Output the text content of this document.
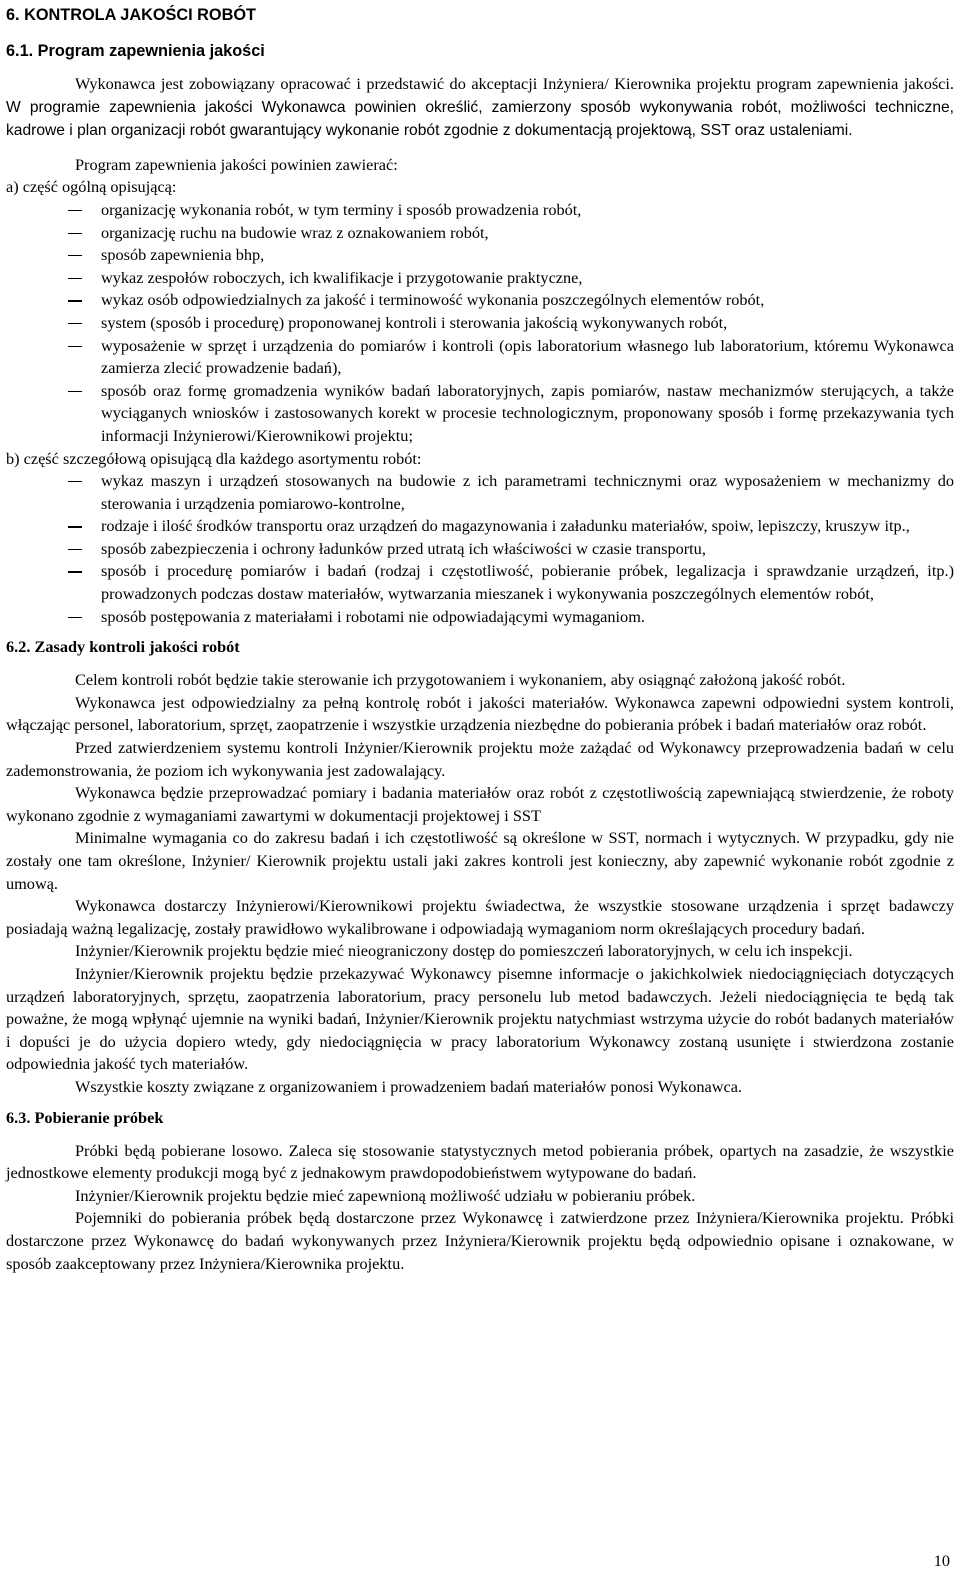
6. KONTROLA JAKOŚCI ROBÓT
6.1. Program zapewnienia jakości

Wykonawca jest zobowiązany opracować i przedstawić do akceptacji Inżyniera/ Kierownika projektu program zapewnienia jakości. W programie zapewnienia jakości Wykonawca powinien określić, zamierzony sposób wykonywania robót, możliwości techniczne, kadrowe i plan organizacji robót gwarantujący wykonanie robót zgodnie z dokumentacją projektową, SST oraz ustaleniami.

Program zapewnienia jakości powinien zawierać:

a) część ogólną opisującą:
organizację wykonania robót, w tym terminy i sposób prowadzenia robót,
organizację ruchu na budowie wraz z oznakowaniem robót,
sposób zapewnienia bhp,
wykaz zespołów roboczych, ich kwalifikacje i przygotowanie praktyczne,
wykaz osób odpowiedzialnych za jakość i terminowość wykonania poszczególnych elementów robót,
system (sposób i procedurę) proponowanej kontroli i sterowania jakością wykonywanych robót,
wyposażenie w sprzęt i urządzenia do pomiarów i kontroli (opis laboratorium własnego lub laboratorium, któremu Wykonawca zamierza zlecić prowadzenie badań),
sposób oraz formę gromadzenia wyników badań laboratoryjnych, zapis pomiarów, nastaw mechanizmów sterujących, a także wyciąganych wniosków i zastosowanych korekt w procesie technologicznym, proponowany sposób i formę przekazywania tych informacji Inżynierowi/Kierownikowi projektu;
b) część szczegółową opisującą dla każdego asortymentu robót:
wykaz maszyn i urządzeń stosowanych na budowie z ich parametrami technicznymi oraz wyposażeniem w mechanizmy do sterowania i urządzenia pomiarowo-kontrolne,
rodzaje i ilość środków transportu oraz urządzeń do magazynowania i załadunku materiałów, spoiw, lepiszczy, kruszyw itp.,
sposób zabezpieczenia i ochrony ładunków przed utratą ich właściwości w czasie transportu,
sposób i procedurę pomiarów i badań (rodzaj i częstotliwość, pobieranie próbek, legalizacja i sprawdzanie urządzeń, itp.) prowadzonych podczas dostaw materiałów, wytwarzania mieszanek i wykonywania poszczególnych elementów robót,
sposób postępowania z materiałami i robotami nie odpowiadającymi wymaganiom.
6.2. Zasady kontroli jakości robót

Celem kontroli robót będzie takie sterowanie ich przygotowaniem i wykonaniem, aby osiągnąć założoną jakość robót.

Wykonawca jest odpowiedzialny za pełną kontrolę robót i jakości materiałów. Wykonawca zapewni odpowiedni system kontroli, włączając personel, laboratorium, sprzęt, zaopatrzenie i wszystkie urządzenia niezbędne do pobierania próbek i badań materiałów oraz robót.

Przed zatwierdzeniem systemu kontroli Inżynier/Kierownik projektu może zażądać od Wykonawcy przeprowadzenia badań w celu zademonstrowania, że poziom ich wykonywania jest zadowalający.

Wykonawca będzie przeprowadzać pomiary i badania materiałów oraz robót z częstotliwością zapewniającą stwierdzenie, że roboty wykonano zgodnie z wymaganiami zawartymi w dokumentacji projektowej i SST

Minimalne wymagania co do zakresu badań i ich częstotliwość są określone w SST, normach i wytycznych. W przypadku, gdy nie zostały one tam określone, Inżynier/ Kierownik projektu ustali jaki zakres kontroli jest konieczny, aby zapewnić wykonanie robót zgodnie z umową.

Wykonawca dostarczy Inżynierowi/Kierownikowi projektu świadectwa, że wszystkie stosowane urządzenia i sprzęt badawczy posiadają ważną legalizację, zostały prawidłowo wykalibrowane i odpowiadają wymaganiom norm określających procedury badań.

Inżynier/Kierownik projektu będzie mieć nieograniczony dostęp do pomieszczeń laboratoryjnych, w celu ich inspekcji.

Inżynier/Kierownik projektu będzie przekazywać Wykonawcy pisemne informacje o jakichkolwiek niedociągnięciach dotyczących urządzeń laboratoryjnych, sprzętu, zaopatrzenia laboratorium, pracy personelu lub metod badawczych. Jeżeli niedociągnięcia te będą tak poważne, że mogą wpłynąć ujemnie na wyniki badań, Inżynier/Kierownik projektu natychmiast wstrzyma użycie do robót badanych materiałów i dopuści je do użycia dopiero wtedy, gdy niedociągnięcia w pracy laboratorium Wykonawcy zostaną usunięte i stwierdzona zostanie odpowiednia jakość tych materiałów.

Wszystkie koszty związane z organizowaniem i prowadzeniem badań materiałów ponosi Wykonawca.

6.3. Pobieranie próbek

Próbki będą pobierane losowo. Zaleca się stosowanie statystycznych metod pobierania próbek, opartych na zasadzie, że wszystkie jednostkowe elementy produkcji mogą być z jednakowym prawdopodobieństwem wytypowane do badań.

Inżynier/Kierownik projektu będzie mieć zapewnioną możliwość udziału w pobieraniu próbek.

Pojemniki do pobierania próbek będą dostarczone przez Wykonawcę i zatwierdzone przez Inżyniera/Kierownika projektu. Próbki dostarczone przez Wykonawcę do badań wykonywanych przez Inżyniera/Kierownik projektu będą odpowiednio opisane i oznakowane, w sposób zaakceptowany przez Inżyniera/Kierownika projektu.

10
